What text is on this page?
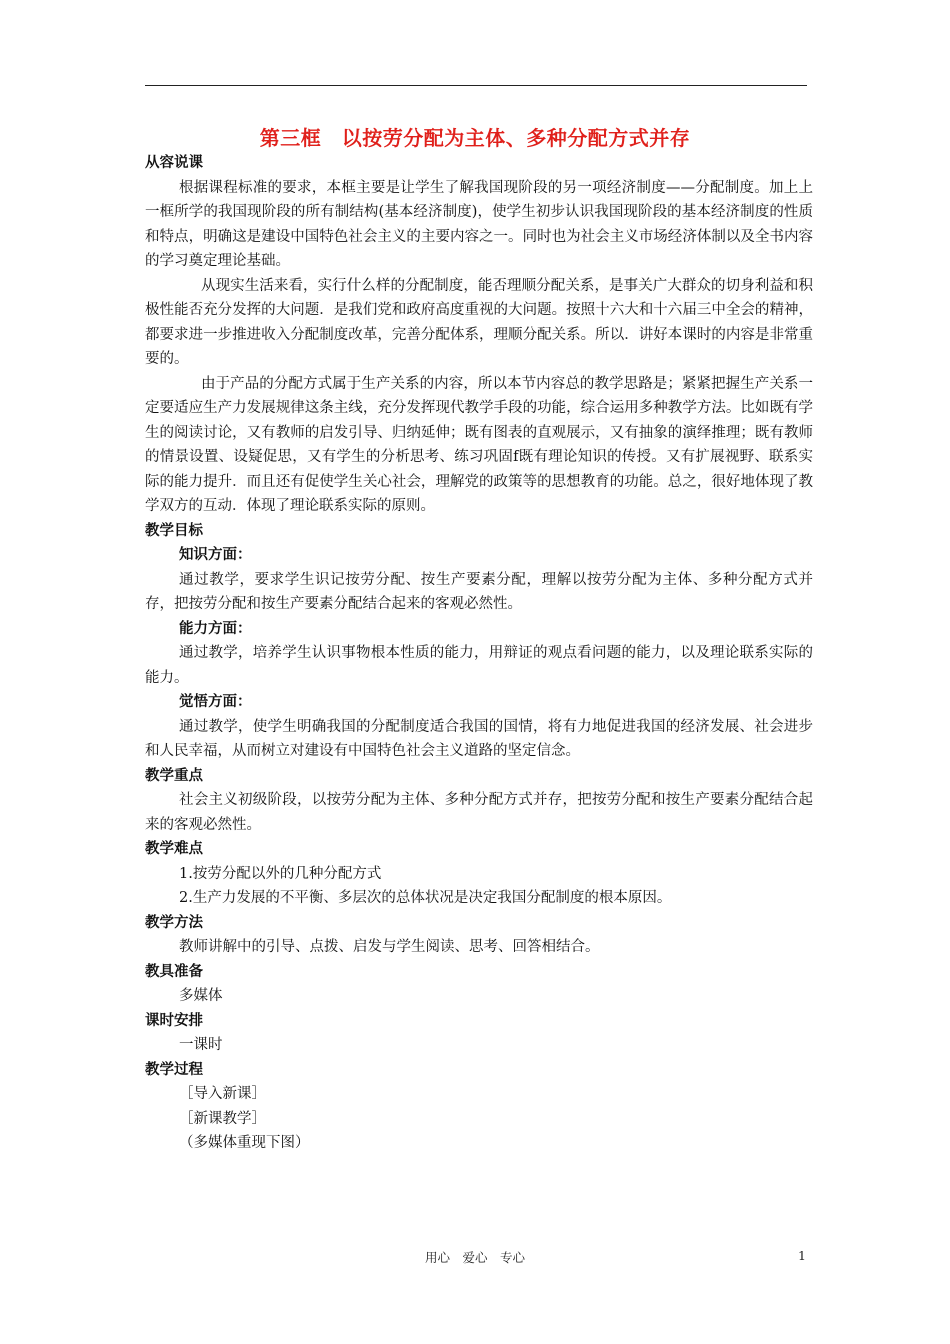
第三框　以按劳分配为主体、多种分配方式并存

从容说课

根据课程标准的要求，本框主要是让学生了解我国现阶段的另一项经济制度——分配制度。加上上一框所学的我国现阶段的所有制结构(基本经济制度)，使学生初步认识我国现阶段的基本经济制度的性质和特点，明确这是建设中国特色社会主义的主要内容之一。同时也为社会主义市场经济体制以及全书内容的学习奠定理论基础。

从现实生活来看，实行什么样的分配制度，能否理顺分配关系，是事关广大群众的切身利益和积极性能否充分发挥的大问题．是我们党和政府高度重视的大问题。按照十六大和十六届三中全会的精神，都要求进一步推进收入分配制度改革，完善分配体系，理顺分配关系。所以．讲好本课时的内容是非常重要的。

由于产品的分配方式属于生产关系的内容，所以本节内容总的教学思路是；紧紧把握生产关系一定要适应生产力发展规律这条主线，充分发挥现代教学手段的功能，综合运用多种教学方法。比如既有学生的阅读讨论，又有教师的启发引导、归纳延伸；既有图表的直观展示，又有抽象的演绎推理；既有教师的情景设置、设疑促思，又有学生的分析思考、练习巩固f既有理论知识的传授。又有扩展视野、联系实际的能力提升．而且还有促使学生关心社会，理解党的政策等的思想教育的功能。总之，很好地体现了教学双方的互动．体现了理论联系实际的原则。

教学目标

知识方面：

通过教学，要求学生识记按劳分配、按生产要素分配，理解以按劳分配为主体、多种分配方式并存，把按劳分配和按生产要素分配结合起来的客观必然性。

能力方面：

通过教学，培养学生认识事物根本性质的能力，用辩证的观点看问题的能力，以及理论联系实际的能力。

觉悟方面：

通过教学，使学生明确我国的分配制度适合我国的国情，将有力地促进我国的经济发展、社会进步和人民幸福，从而树立对建设有中国特色社会主义道路的坚定信念。

教学重点

社会主义初级阶段，以按劳分配为主体、多种分配方式并存，把按劳分配和按生产要素分配结合起来的客观必然性。

教学难点

1.按劳分配以外的几种分配方式

2.生产力发展的不平衡、多层次的总体状况是决定我国分配制度的根本原因。

教学方法

教师讲解中的引导、点拨、启发与学生阅读、思考、回答相结合。

教具准备

多媒体

课时安排

一课时

教学过程

［导入新课］

［新课教学］

（多媒体重现下图）

用心　爱心　专心	1
